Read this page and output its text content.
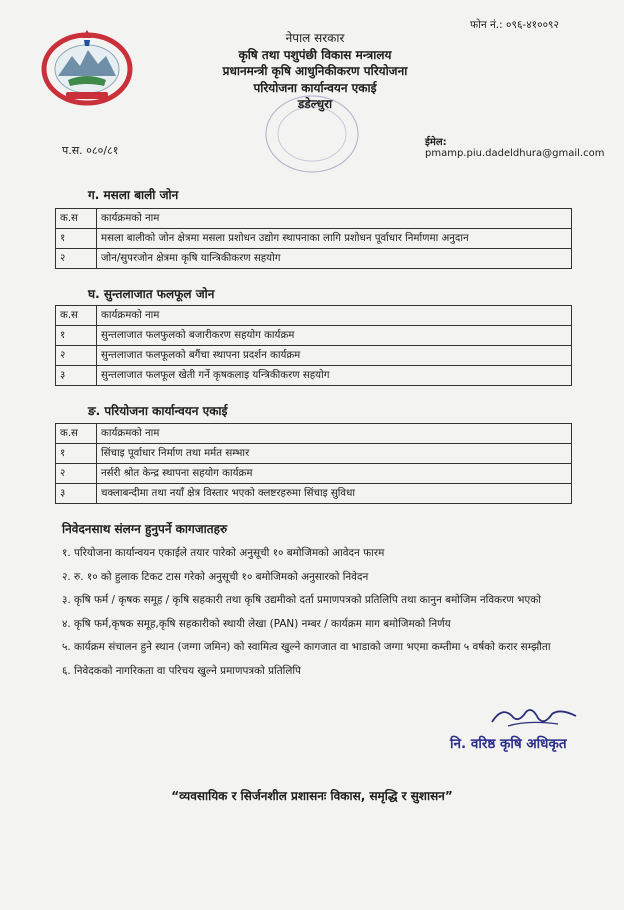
फोन नं.: ०९६-४१००९२
नेपाल सरकार
कृषि तथा पशुपंछी विकास मन्त्रालय
प्रधानमन्त्री कृषि आधुनिकीकरण परियोजना
परियोजना कार्यान्वयन एकाई
डडेल्धुरा
प.स. ०८०/८१
ईमेल: pmamp.piu.dadeldhura@gmail.com
ग. मसला बाली जोन
क.स	कार्यक्रमको नाम
१	मसला बालीको जोन क्षेत्रमा मसला प्रशोधन उद्योग स्थापनाका लागि प्रशोधन पूर्वाधार निर्माणमा अनुदान
२	जोन/सुपरजोन क्षेत्रमा कृषि यान्त्रिकीकरण सहयोग
घ. सुन्तलाजात फलफूल जोन
क.स	कार्यक्रमको नाम
१	सुन्तलाजात फलफुलको बजारीकरण सहयोग कार्यक्रम
२	सुन्तलाजात फलफूलको बगैंचा स्थापना प्रदर्शन कार्यक्रम
३	सुन्तलाजात फलफूल खेती गर्ने कृषकलाइ यन्त्रिकीकरण सहयोग
ङ. परियोजना कार्यान्वयन एकाई
क.स	कार्यक्रमको नाम
१	सिंचाइ पूर्वाधार निर्माण तथा मर्मत सम्भार
२	नर्सरी श्रोत केन्द्र स्थापना सहयोग कार्यक्रम
३	चक्लाबन्दीमा तथा नयाँ क्षेत्र विस्तार भएको क्लष्टरहरुमा सिंचाइ सुविधा
निवेदनसाथ संलग्न हुनुपर्ने कागजातहरु
१. परियोजना कार्यान्वयन एकाईले तयार पारेको अनुसूची १० बमोजिमको आवेदन फारम
२. रु. १० को हुलाक टिकट टास गरेको अनुसूची १० बमोजिमको अनुसारको निवेदन
३. कृषि फर्म / कृषक समूह / कृषि सहकारी तथा कृषि उद्यमीको दर्ता प्रमाणपत्रको प्रतिलिपि तथा कानुन बमोजिम नविकरण भएको
४. कृषि फर्म,कृषक समूह,कृषि सहकारीको स्थायी लेखा (PAN) नम्बर / कार्यक्रम माग बमोजिमको निर्णय
५. कार्यक्रम संचालन हुने स्थान (जग्गा जमिन) को स्वामित्व खुल्ने कागजात वा भाडाको जग्गा भएमा कम्तीमा ५ वर्षको करार सम्झौता
६. निवेदकको नागरिकता वा परिचय खुल्ने प्रमाणपत्रको प्रतिलिपि
नि. वरिष्ठ कृषि अधिकृत
“व्यवसायिक र सिर्जनशील प्रशासनः विकास, समृद्धि र सुशासन”
